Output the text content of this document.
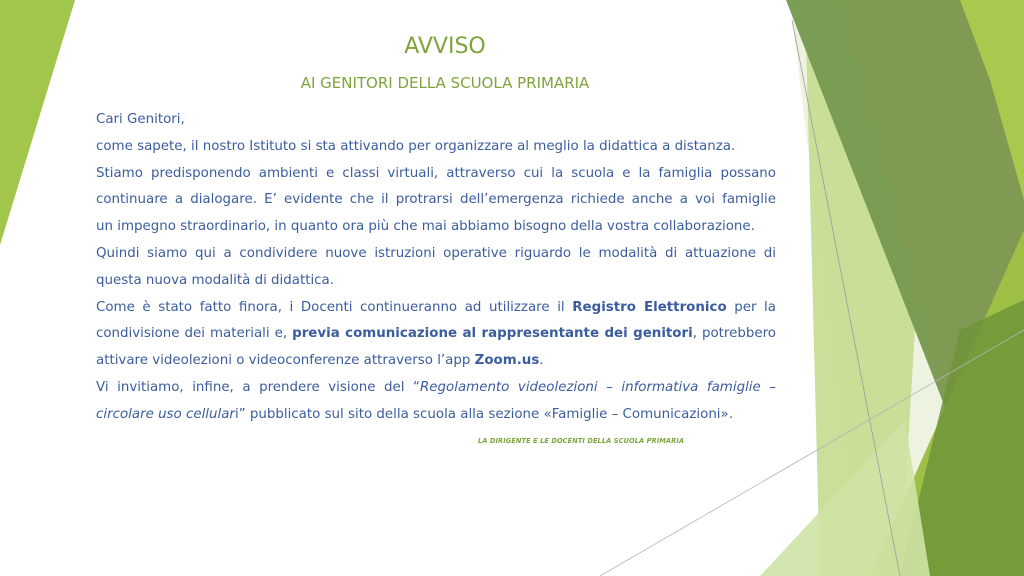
AVVISO
AI GENITORI DELLA SCUOLA PRIMARIA
Cari Genitori,
come sapete, il nostro Istituto si sta attivando per organizzare al meglio la didattica a distanza.
Stiamo predisponendo ambienti e classi virtuali, attraverso cui la scuola e la famiglia possano
continuare a dialogare. E’ evidente che il protrarsi dell’emergenza richiede anche a voi famiglie
un impegno straordinario, in quanto ora più che mai abbiamo bisogno della vostra collaborazione.
Quindi siamo qui a condividere nuove istruzioni operative riguardo le modalità di attuazione di
questa nuova modalità di didattica.
Come è stato fatto finora, i Docenti continueranno ad utilizzare il Registro Elettronico per la
condivisione dei materiali e, previa comunicazione al rappresentante dei genitori, potrebbero
attivare videolezioni o videoconferenze attraverso l’app Zoom.us.
Vi invitiamo, infine, a prendere visione del “Regolamento videolezioni – informativa famiglie –
circolare uso cellulari” pubblicato sul sito della scuola alla sezione «Famiglie – Comunicazioni».
LA DIRIGENTE E LE DOCENTI DELLA SCUOLA PRIMARIA
